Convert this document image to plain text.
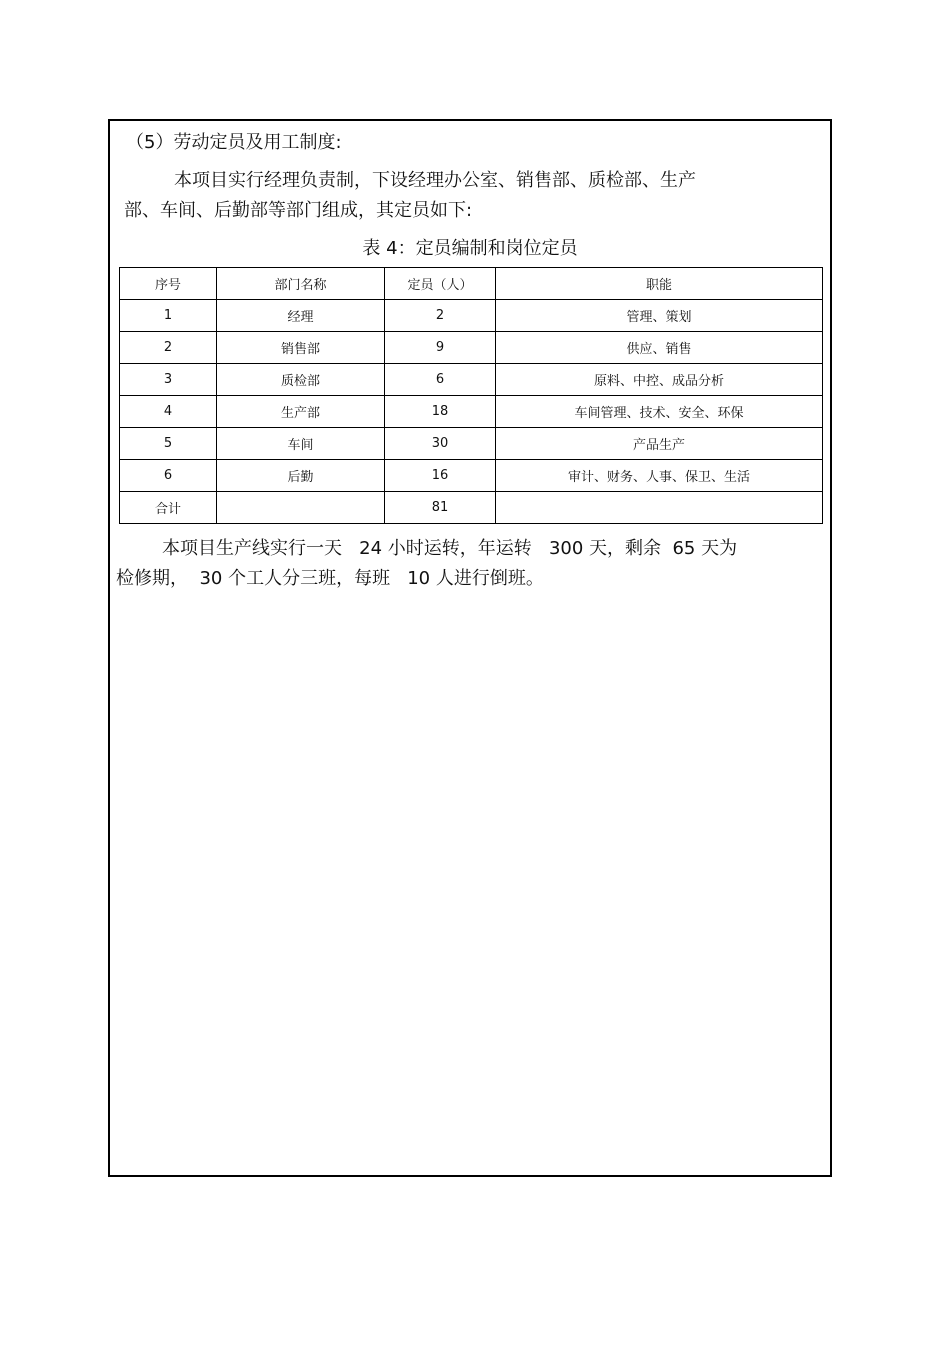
（5）劳动定员及用工制度:
本项目实行经理负责制，下设经理办公室、销售部、质检部、生产
部、车间、后勤部等部门组成，其定员如下:
表 4：定员编制和岗位定员
序号	部门名称	定员（人）	职能
1	经理	2	管理、策划
2	销售部	9	供应、销售
3	质检部	6	原料、中控、成品分析
4	生产部	18	车间管理、技术、安全、环保
5	车间	30	产品生产
6	后勤	16	审计、财务、人事、保卫、生活
合计		81	
本项目生产线实行一天   24 小时运转，年运转   300 天，剩余  65 天为
检修期，  30 个工人分三班，每班   10 人进行倒班。
